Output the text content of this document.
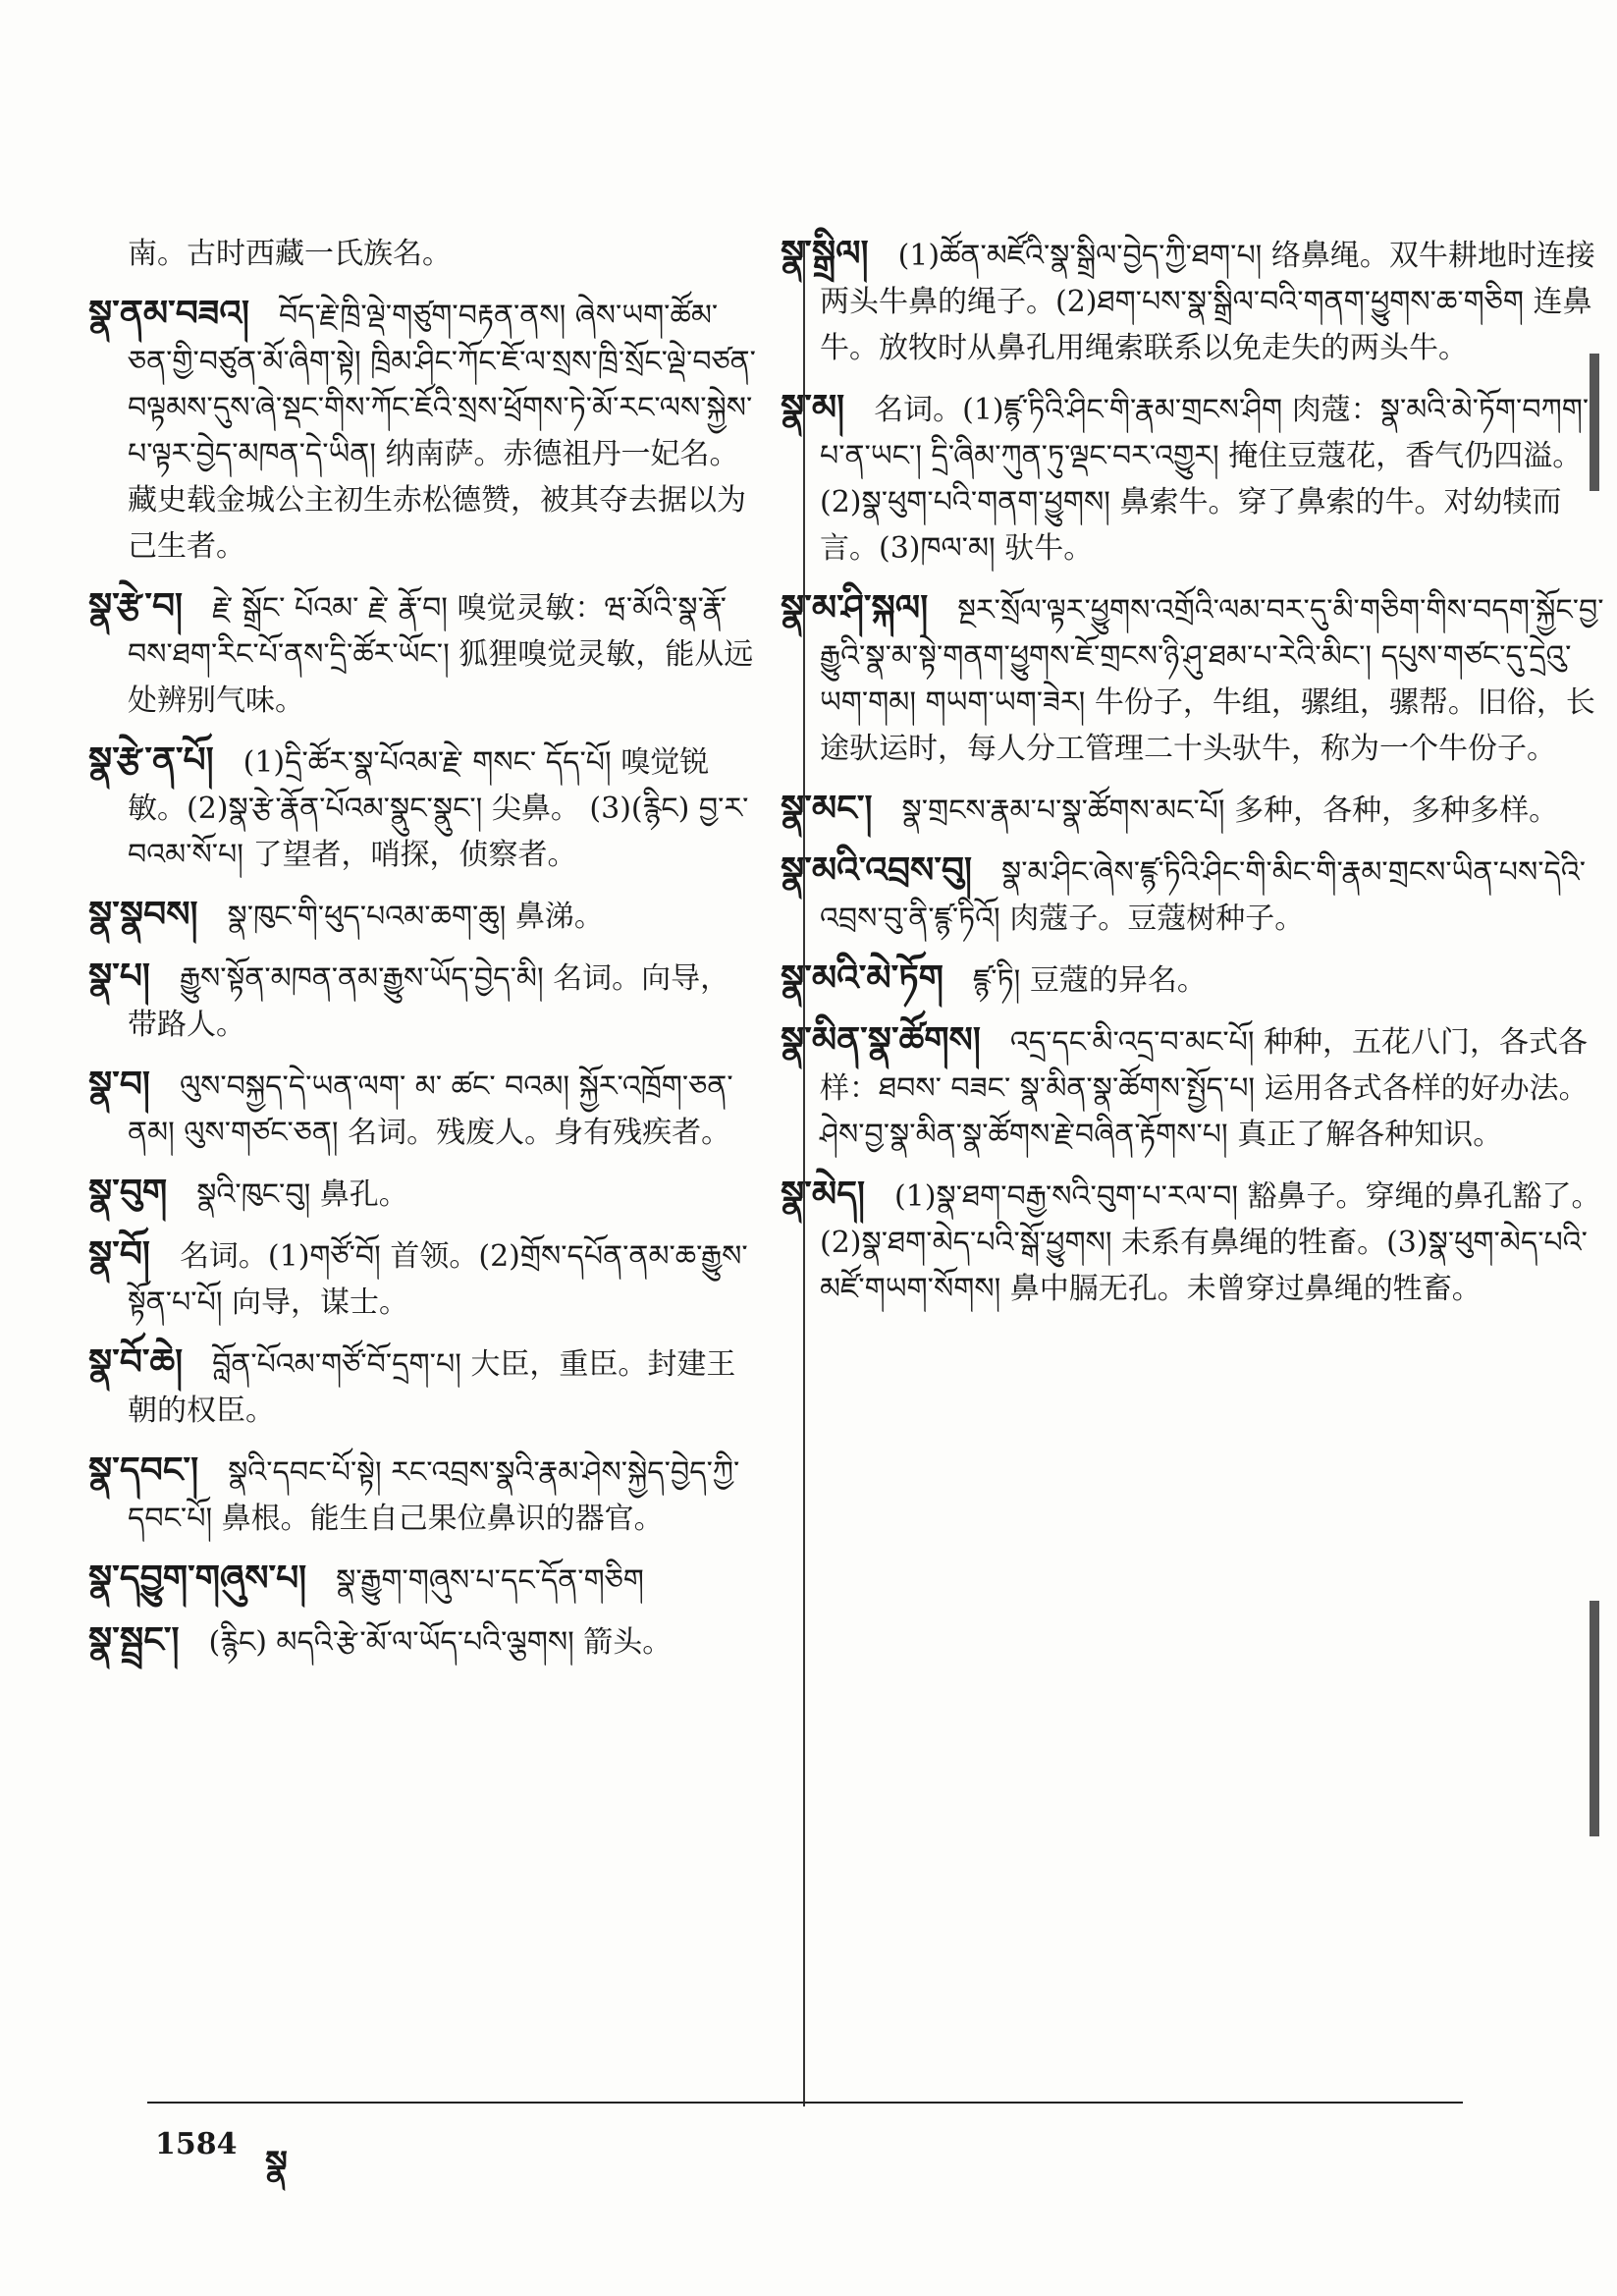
南。古时西藏一氏族名。
སྣ་ནམ་བཟའ། བོད་རྗེ་ཁྲི་ལྡེ་གཙུག་བརྟན་ནས། ཞེས་ཡག་ཚོམ་ཅན་གྱི་བཙུན་མོ་ཞིག་སྟེ། ཁྲིམ་ཤིང་ཀོང་ཇོ་ལ་སྲས་ཁྲི་སྲོང་ལྡེ་བཙན་བལྟམས་དུས་ཞེ་སྡང་གིས་ཀོང་ཇོའི་སྲས་ཕྲོགས་ཏེ་མོ་རང་ལས་སྐྱེས་པ་ལྟར་བྱེད་མཁན་དེ་ཡིན། 纳南萨。赤德祖丹一妃名。藏史载金城公主初生赤松德赞，被其夺去据以为己生者。
སྣ་རྩེ་བ། རྗེ་ སྒྲོང་ པོའམ་ རྗེ་ རྣོ་བ། 嗅觉灵敏：ཝ་མོའི་སྣ་རྣོ་བས་ཐག་རིང་པོ་ནས་དྲི་ཚོར་ཡོང་། 狐狸嗅觉灵敏，能从远处辨别气味。
སྣ་རྩེ་ན་པོ། (1)དྲི་ཚོར་སྣ་པོའམ་རྗེ་ གསང་ དོད་པོ། 嗅觉锐敏。(2)སྣ་རྩེ་རྣོན་པོའམ་སྣུང་སྣུང་། 尖鼻。 (3)(རྙིང) བྱ་ར་བའམ་སོ་པ། 了望者，哨探，侦察者。
སྣ་སྣབས། སྣ་ཁུང་གི་ཕུད་པའམ་ཆག་ཆུ། 鼻涕。
སྣ་པ། རྒྱུས་སྟོན་མཁན་ནམ་རྒྱུས་ཡོད་བྱེད་མི། 名词。向导，带路人。
སྣ་བ། ལུས་བསྐྱད་དེ་ཡན་ལག་ མ་ ཚང་ བའམ། སྐྱོར་འཁྲོག་ཅན་ནམ། ལུས་གཙང་ཅན། 名词。残废人。身有残疾者。
སྣ་བུག སྣའི་ཁུང་བུ། 鼻孔。
སྣ་བོ། 名词。(1)གཙོ་བོ། 首领。(2)གྲོས་དཔོན་ནམ་ཆ་རྒྱུས་སྟོན་པ་པོ། 向导，谋士。
སྣ་བོ་ཆེ། བློན་པོའམ་གཙོ་བོ་དྲག་པ། 大臣，重臣。封建王朝的权臣。
སྣ་དབང་། སྣའི་དབང་པོ་སྟེ། རང་འབྲས་སྣའི་རྣམ་ཤེས་སྐྱེད་བྱེད་ཀྱི་དབང་པོ། 鼻根。能生自己果位鼻识的器官。
སྣ་དབྱུག་གཞུས་པ། སྣ་རྒྱུག་གཞུས་པ་དང་དོན་གཅིག
སྣ་སྦྲང་། (རྙིང) མདའི་རྩེ་མོ་ལ་ཡོད་པའི་ལྕགས། 箭头。
སྣ་སྒྲིལ། (1)ཚོན་མཛོའི་སྣ་སྒྲིལ་བྱེད་ཀྱི་ཐག་པ། 络鼻绳。双牛耕地时连接两头牛鼻的绳子。(2)ཐག་པས་སྣ་སྒྲིལ་བའི་གནག་ཕྱུགས་ཆ་གཅིག 连鼻牛。放牧时从鼻孔用绳索联系以免走失的两头牛。
སྣ་མ། 名词。(1)ཛྙ་ཏིའི་ཤིང་གི་རྣམ་གྲངས་ཤིག 肉蔻：སྣ་མའི་མེ་ཏོག་བཀག་པ་ན་ཡང་། དྲི་ཞིམ་ཀུན་ཏུ་ལྡང་བར་འགྱུར། 掩住豆蔻花，香气仍四溢。(2)སྣ་ཕུག་པའི་གནག་ཕྱུགས། 鼻索牛。穿了鼻索的牛。对幼犊而言。(3)ཁལ་མ། 驮牛。
སྣ་མ་ཤི་སྐལ། སྔར་སྲོལ་ལྟར་ཕྱུགས་འགྲོའི་ལམ་བར་དུ་མི་གཅིག་གིས་བདག་སྐྱོང་བྱ་རྒྱུའི་སྣ་མ་སྟེ་གནག་ཕྱུགས་ཇོ་གྲངས་ཉི་ཤུ་ཐམ་པ་རེའི་མིང་། དཔུས་གཙང་དུ་དྲེའུ་ཡག་གམ། གཡག་ཡག་ཟེར། 牛份子，牛组，骡组，骡帮。旧俗，长途驮运时，每人分工管理二十头驮牛，称为一个牛份子。
སྣ་མང་། སྣ་གྲངས་རྣམ་པ་སྣ་ཚོགས་མང་པོ། 多种，各种，多种多样。
སྣ་མའི་འབྲས་བུ། སྣ་མ་ཤིང་ཞེས་ཛྙ་ཏིའི་ཤིང་གི་མིང་གི་རྣམ་གྲངས་ཡིན་པས་དེའི་འབྲས་བུ་ནི་ཛྙ་ཏིའོ། 肉蔻子。豆蔻树种子。
སྣ་མའི་མེ་ཏོག ཛྙ་ཏི། 豆蔻的异名。
སྣ་མིན་སྣ་ཚོགས། འདྲ་དང་མི་འདྲ་བ་མང་པོ། 种种，五花八门，各式各样：ཐབས་ བཟང་ སྣ་མིན་སྣ་ཚོགས་སྤྱོད་པ། 运用各式各样的好办法。ཤེས་བྱ་སྣ་མིན་སྣ་ཚོགས་རྗེ་བཞིན་རྟོགས་པ། 真正了解各种知识。
སྣ་མེད། (1)སྣ་ཐག་བརྒྱ་སའི་བུག་པ་རལ་བ། 豁鼻子。穿绳的鼻孔豁了。(2)སྣ་ཐག་མེད་པའི་སྒོ་ཕྱུགས། 未系有鼻绳的牲畜。(3)སྣ་ཕུག་མེད་པའི་མཛོ་གཡག་སོགས། 鼻中膈无孔。未曾穿过鼻绳的牲畜。
1584 སྣ
